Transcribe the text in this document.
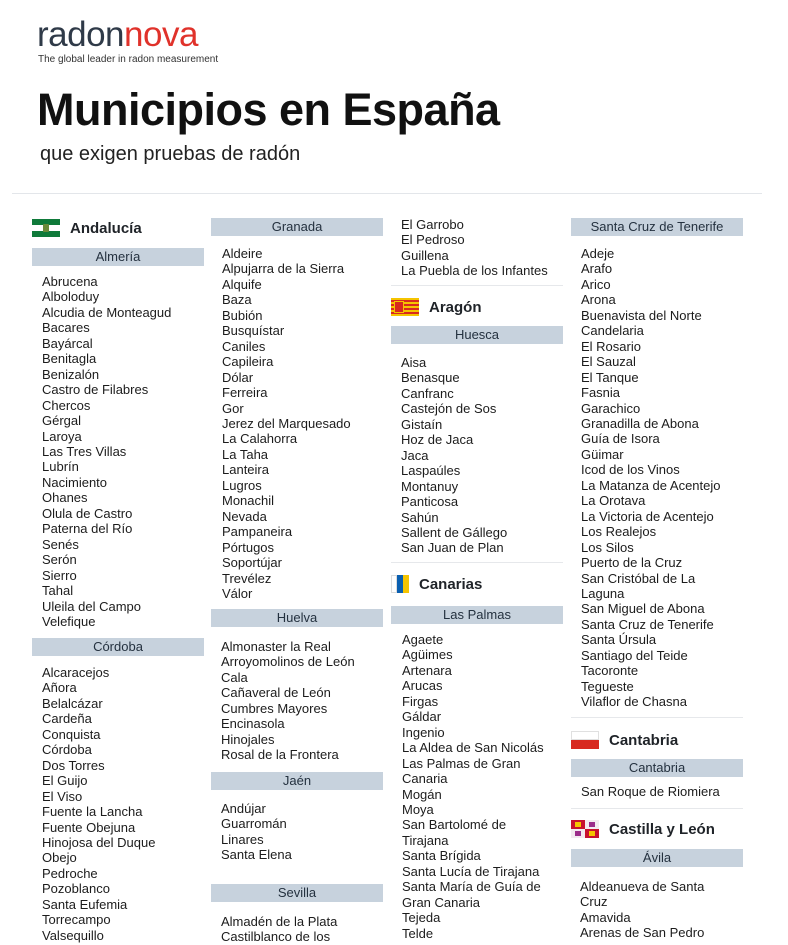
radonnova
The global leader in radon measurement
Municipios en España
que exigen pruebas de radón
Andalucía
Almería
Abrucena
Alboloduy
Alcudia de Monteagud
Bacares
Bayárcal
Benitagla
Benizalón
Castro de Filabres
Chercos
Gérgal
Laroya
Las Tres Villas
Lubrín
Nacimiento
Ohanes
Olula de Castro
Paterna del Río
Senés
Serón
Sierro
Tahal
Uleila del Campo
Velefique
Córdoba
Alcaracejos
Añora
Belalcázar
Cardeña
Conquista
Córdoba
Dos Torres
El Guijo
El Viso
Fuente la Lancha
Fuente Obejuna
Hinojosa del Duque
Obejo
Pedroche
Pozoblanco
Santa Eufemia
Torrecampo
Valsequillo
Granada
Aldeire
Alpujarra de la Sierra
Alquife
Baza
Bubión
Busquístar
Caniles
Capileira
Dólar
Ferreira
Gor
Jerez del Marquesado
La Calahorra
La Taha
Lanteira
Lugros
Monachil
Nevada
Pampaneira
Pórtugos
Soportújar
Trevélez
Válor
Huelva
Almonaster la Real
Arroyomolinos de León
Cala
Cañaveral de León
Cumbres Mayores
Encinasola
Hinojales
Rosal de la Frontera
Jaén
Andújar
Guarromán
Linares
Santa Elena
Sevilla
Almadén de la Plata
Castilblanco de los
El Garrobo
El Pedroso
Guillena
La Puebla de los Infantes
Aragón
Huesca
Aisa
Benasque
Canfranc
Castejón de Sos
Gistaín
Hoz de Jaca
Jaca
Laspaúles
Montanuy
Panticosa
Sahún
Sallent de Gállego
San Juan de Plan
Canarias
Las Palmas
Agaete
Agüimes
Artenara
Arucas
Firgas
Gáldar
Ingenio
La Aldea de San Nicolás
Las Palmas de Gran
Canaria
Mogán
Moya
San Bartolomé de
Tirajana
Santa Brígida
Santa Lucía de Tirajana
Santa María de Guía de
Gran Canaria
Tejeda
Telde
Santa Cruz de Tenerife
Adeje
Arafo
Arico
Arona
Buenavista del Norte
Candelaria
El Rosario
El Sauzal
El Tanque
Fasnia
Garachico
Granadilla de Abona
Guía de Isora
Güimar
Icod de los Vinos
La Matanza de Acentejo
La Orotava
La Victoria de Acentejo
Los Realejos
Los Silos
Puerto de la Cruz
San Cristóbal de La
Laguna
San Miguel de Abona
Santa Cruz de Tenerife
Santa Úrsula
Santiago del Teide
Tacoronte
Tegueste
Vilaflor de Chasna
Cantabria
Cantabria
San Roque de Riomiera
Castilla y León
Ávila
Aldeanueva de Santa
Cruz
Amavida
Arenas de San Pedro
